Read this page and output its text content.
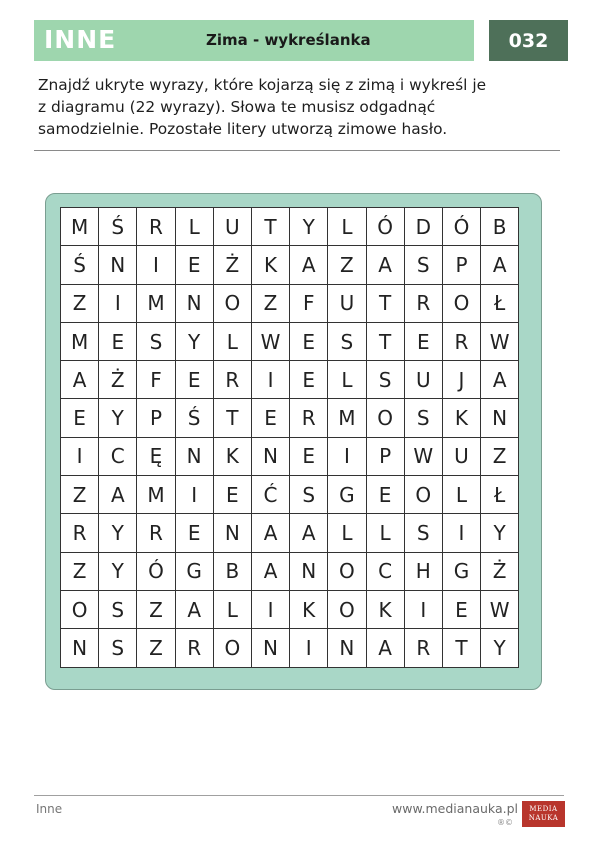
INNE	Zima - wykreślanka	032
Znajdź ukryte wyrazy, które kojarzą się z zimą i wykreśl je
z diagramu (22 wyrazy). Słowa te musisz odgadnąć
samodzielnie. Pozostałe litery utworzą zimowe hasło.
M	Ś	R	L	U	T	Y	L	Ó	D	Ó	B
Ś	N	I	E	Ż	K	A	Z	A	S	P	A
Z	I	M	N	O	Z	F	U	T	R	O	Ł
M	E	S	Y	L	W	E	S	T	E	R	W
A	Ż	F	E	R	I	E	L	S	U	J	A
E	Y	P	Ś	T	E	R	M	O	S	K	N
I	C	Ę	N	K	N	E	I	P	W	U	Z
Z	A	M	I	E	Ć	S	G	E	O	L	Ł
R	Y	R	E	N	A	A	L	L	S	I	Y
Z	Y	Ó	G	B	A	N	O	C	H	G	Ż
O	S	Z	A	L	I	K	O	K	I	E	W
N	S	Z	R	O	N	I	N	A	R	T	Y
Inne	www.medianauka.pl
®©
MEDIA
NAUKA
